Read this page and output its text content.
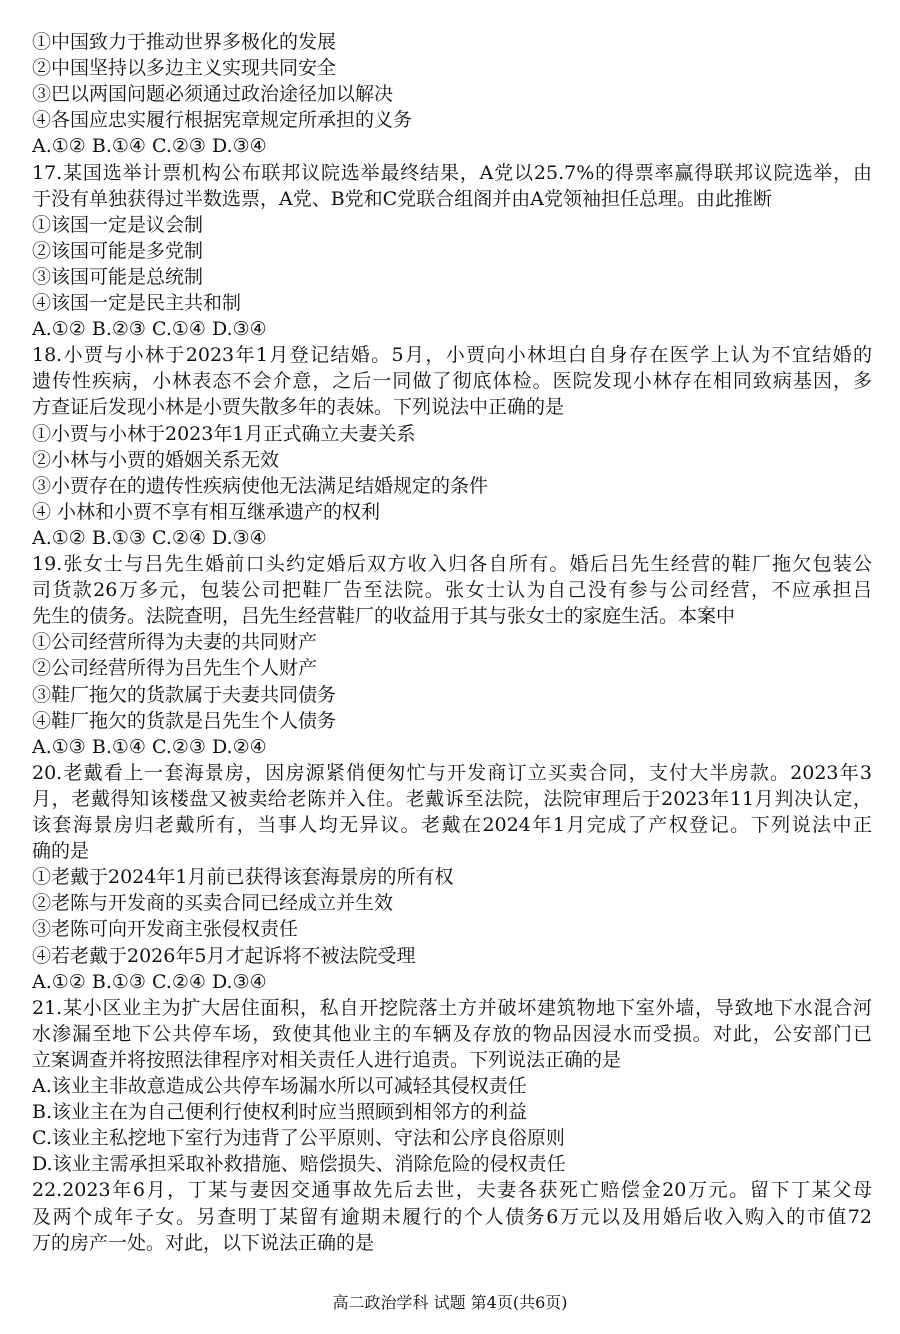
①中国致力于推动世界多极化的发展
②中国坚持以多边主义实现共同安全
③巴以两国问题必须通过政治途径加以解决
④各国应忠实履行根据宪章规定所承担的义务
A.①② B.①④ C.②③ D.③④
17.某国选举计票机构公布联邦议院选举最终结果，A党以25.7%的得票率赢得联邦议院选举，由
于没有单独获得过半数选票，A党、B党和C党联合组阁并由A党领袖担任总理。由此推断
①该国一定是议会制
②该国可能是多党制
③该国可能是总统制
④该国一定是民主共和制
A.①② B.②③ C.①④ D.③④
18.小贾与小林于2023年1月登记结婚。5月，小贾向小林坦白自身存在医学上认为不宜结婚的
遗传性疾病，小林表态不会介意，之后一同做了彻底体检。医院发现小林存在相同致病基因，多
方查证后发现小林是小贾失散多年的表妹。下列说法中正确的是
①小贾与小林于2023年1月正式确立夫妻关系
②小林与小贾的婚姻关系无效
③小贾存在的遗传性疾病使他无法满足结婚规定的条件
④ 小林和小贾不享有相互继承遗产的权利
A.①② B.①③ C.②④ D.③④
19.张女士与吕先生婚前口头约定婚后双方收入归各自所有。婚后吕先生经营的鞋厂拖欠包装公
司货款26万多元，包装公司把鞋厂告至法院。张女士认为自己没有参与公司经营，不应承担吕
先生的债务。法院查明，吕先生经营鞋厂的收益用于其与张女士的家庭生活。本案中
①公司经营所得为夫妻的共同财产
②公司经营所得为吕先生个人财产
③鞋厂拖欠的货款属于夫妻共同债务
④鞋厂拖欠的货款是吕先生个人债务
A.①③ B.①④ C.②③ D.②④
20.老戴看上一套海景房，因房源紧俏便匆忙与开发商订立买卖合同，支付大半房款。2023年3
月，老戴得知该楼盘又被卖给老陈并入住。老戴诉至法院，法院审理后于2023年11月判决认定，
该套海景房归老戴所有，当事人均无异议。老戴在2024年1月完成了产权登记。下列说法中正
确的是
①老戴于2024年1月前已获得该套海景房的所有权
②老陈与开发商的买卖合同已经成立并生效
③老陈可向开发商主张侵权责任
④若老戴于2026年5月才起诉将不被法院受理
A.①② B.①③ C.②④ D.③④
21.某小区业主为扩大居住面积，私自开挖院落土方并破坏建筑物地下室外墙，导致地下水混合河
水渗漏至地下公共停车场，致使其他业主的车辆及存放的物品因浸水而受损。对此，公安部门已
立案调查并将按照法律程序对相关责任人进行追责。下列说法正确的是
A.该业主非故意造成公共停车场漏水所以可减轻其侵权责任
B.该业主在为自己便利行使权利时应当照顾到相邻方的利益
C.该业主私挖地下室行为违背了公平原则、守法和公序良俗原则
D.该业主需承担采取补救措施、赔偿损失、消除危险的侵权责任
22.2023年6月，丁某与妻因交通事故先后去世，夫妻各获死亡赔偿金20万元。留下丁某父母
及两个成年子女。另查明丁某留有逾期未履行的个人债务6万元以及用婚后收入购入的市值72
万的房产一处。对此，以下说法正确的是
高二政治学科 试题 第4页(共6页)
